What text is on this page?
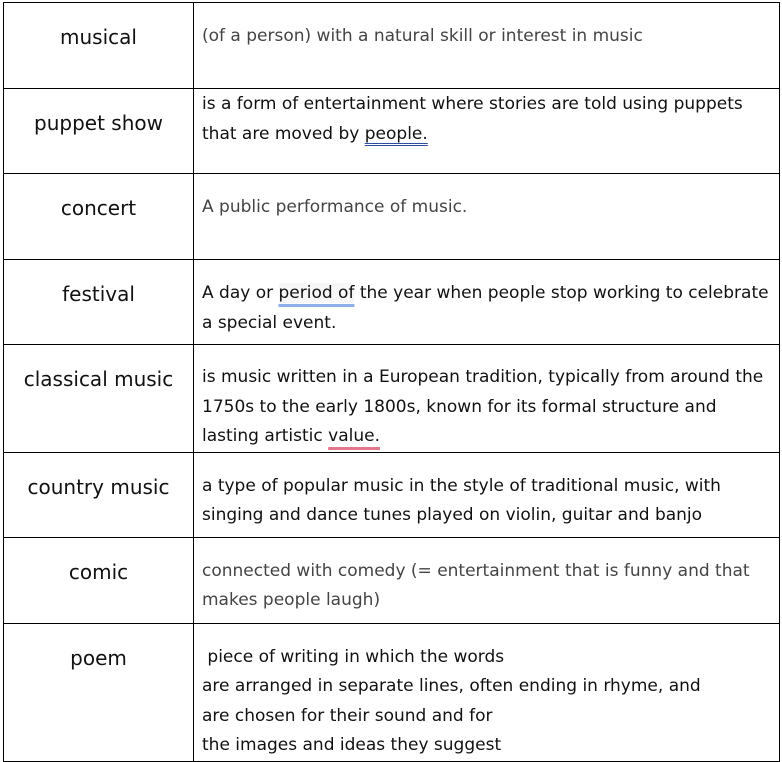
musical	(of a person) with a natural skill or interest in music

puppet show	is a form of entertainment where stories are told using puppets that are moved by people.

concert	A public performance of music.

festival	A day or period of the year when people stop working to celebrate a special event.

classical music	is music written in a European tradition, typically from around the 1750s to the early 1800s, known for its formal structure and lasting artistic value.

country music	a type of popular music in the style of traditional music, with singing and dance tunes played on violin, guitar and banjo

comic	connected with comedy (= entertainment that is funny and that makes people laugh)

poem	piece of writing in which the words
are arranged in separate lines, often ending in rhyme, and
are chosen for their sound and for
the images and ideas they suggest
